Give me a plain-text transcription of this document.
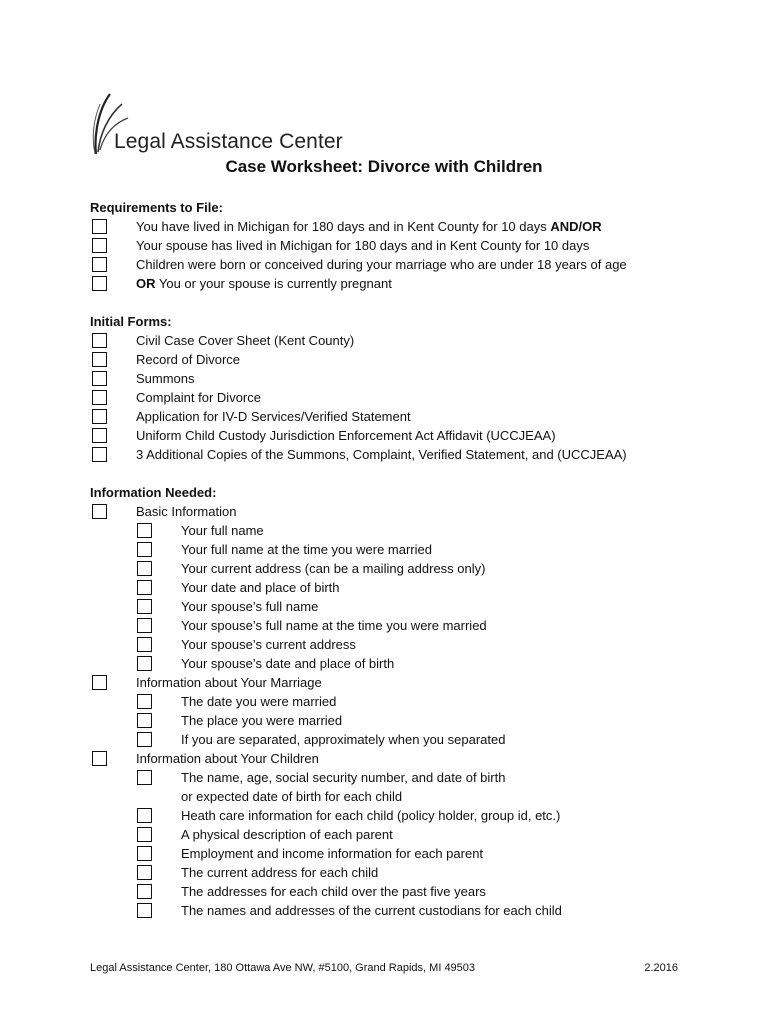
Legal Assistance Center
Case Worksheet: Divorce with Children
Requirements to File:
You have lived in Michigan for 180 days and in Kent County for 10 days AND/OR
Your spouse has lived in Michigan for 180 days and in Kent County for 10 days
Children were born or conceived during your marriage who are under 18 years of age
OR You or your spouse is currently pregnant
Initial Forms:
Civil Case Cover Sheet (Kent County)
Record of Divorce
Summons
Complaint for Divorce
Application for IV-D Services/Verified Statement
Uniform Child Custody Jurisdiction Enforcement Act Affidavit (UCCJEAA)
3 Additional Copies of the Summons, Complaint, Verified Statement, and (UCCJEAA)
Information Needed:
Basic Information
Your full name
Your full name at the time you were married
Your current address (can be a mailing address only)
Your date and place of birth
Your spouse’s full name
Your spouse’s full name at the time you were married
Your spouse’s current address
Your spouse’s date and place of birth
Information about Your Marriage
The date you were married
The place you were married
If you are separated, approximately when you separated
Information about Your Children
The name, age, social security number, and date of birth
or expected date of birth for each child
Heath care information for each child (policy holder, group id, etc.)
A physical description of each parent
Employment and income information for each parent
The current address for each child
The addresses for each child over the past five years
The names and addresses of the current custodians for each child
Legal Assistance Center, 180 Ottawa Ave NW, #5100, Grand Rapids, MI 49503	2.2016
